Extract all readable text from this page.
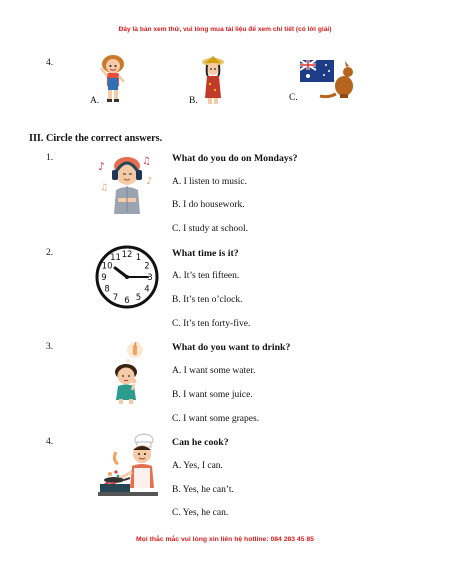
Đây là bản xem thử, vui lòng mua tài liệu để xem chi tiết (có lời giải)
4.
A.	B.	C.
III. Circle the correct answers.
1.
♪	♫
♪
♫
What do you do on Mondays?
A. I listen to music.
B. I do housework.
C. I study at school.
2.
1
2
3
4
5
6
7
8
9
10
11 12	What time is it?
A. It’s ten fifteen.
B. It’s ten o’clock.
C. It’s ten forty-five.
3.	What do you want to drink?
A. I want some water.
B. I want some juice.
C. I want some grapes.
4.	Can he cook?
A. Yes, I can.
B. Yes, he can’t.
C. Yes, he can.
Mọi thắc mắc vui lòng xin liên hệ hotline: 084 283 45 85
